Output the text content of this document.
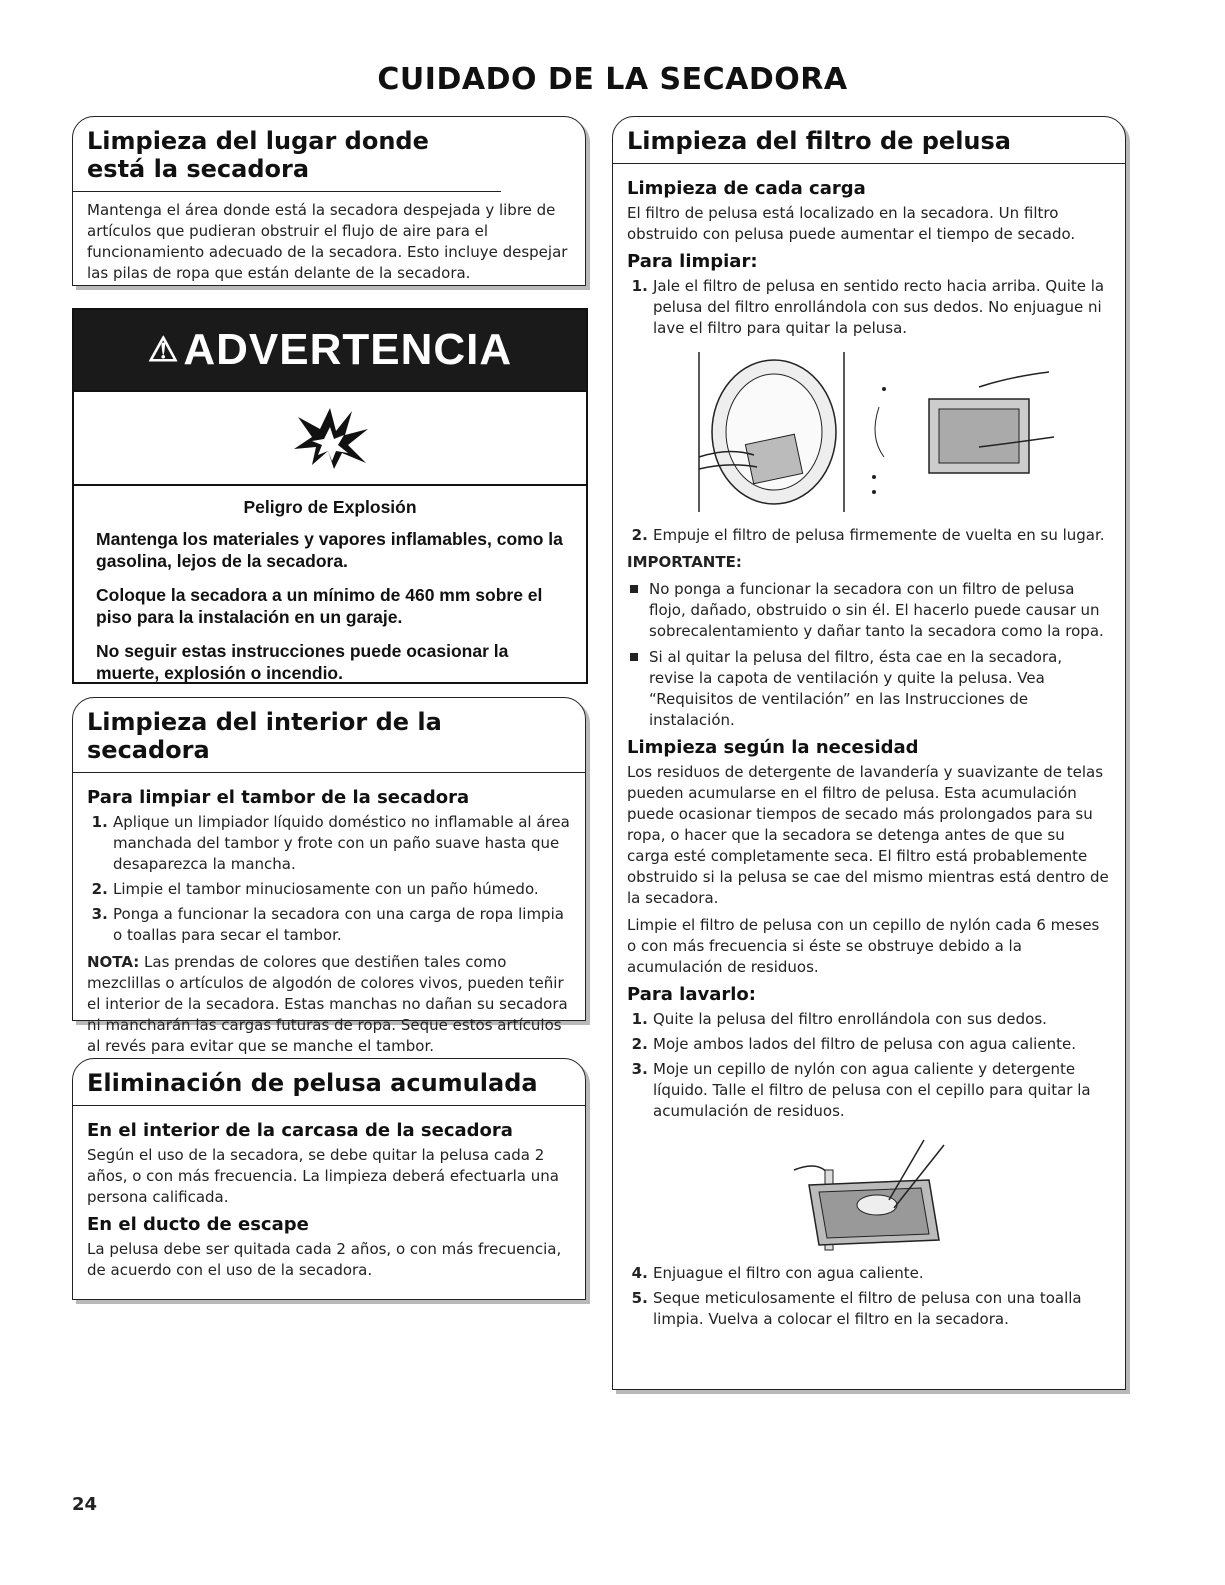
CUIDADO DE LA SECADORA
Limpieza del lugar donde está la secadora

Mantenga el área donde está la secadora despejada y libre de artículos que pudieran obstruir el flujo de aire para el funcionamiento adecuado de la secadora. Esto incluye despejar las pilas de ropa que están delante de la secadora.

⚠ ADVERTENCIA
Peligro de Explosión

Mantenga los materiales y vapores inflamables, como la gasolina, lejos de la secadora.

Coloque la secadora a un mínimo de 460 mm sobre el piso para la instalación en un garaje.

No seguir estas instrucciones puede ocasionar la muerte, explosión o incendio.

Limpieza del interior de la secadora
Para limpiar el tambor de la secadora
1. Aplique un limpiador líquido doméstico no inflamable al área manchada del tambor y frote con un paño suave hasta que desaparezca la mancha.
2. Limpie el tambor minuciosamente con un paño húmedo.
3. Ponga a funcionar la secadora con una carga de ropa limpia o toallas para secar el tambor.

NOTA: Las prendas de colores que destiñen tales como mezclillas o artículos de algodón de colores vivos, pueden teñir el interior de la secadora. Estas manchas no dañan su secadora ni mancharán las cargas futuras de ropa. Seque estos artículos al revés para evitar que se manche el tambor.

Eliminación de pelusa acumulada
En el interior de la carcasa de la secadora

Según el uso de la secadora, se debe quitar la pelusa cada 2 años, o con más frecuencia. La limpieza deberá efectuarla una persona calificada.

En el ducto de escape

La pelusa debe ser quitada cada 2 años, o con más frecuencia, de acuerdo con el uso de la secadora.

Limpieza del filtro de pelusa
Limpieza de cada carga

El filtro de pelusa está localizado en la secadora. Un filtro obstruido con pelusa puede aumentar el tiempo de secado.

Para limpiar:
1. Jale el filtro de pelusa en sentido recto hacia arriba. Quite la pelusa del filtro enrollándola con sus dedos. No enjuague ni lave el filtro para quitar la pelusa.
2. Empuje el filtro de pelusa firmemente de vuelta en su lugar.

IMPORTANTE:

No ponga a funcionar la secadora con un filtro de pelusa flojo, dañado, obstruido o sin él. El hacerlo puede causar un sobrecalentamiento y dañar tanto la secadora como la ropa.
Si al quitar la pelusa del filtro, ésta cae en la secadora, revise la capota de ventilación y quite la pelusa. Vea “Requisitos de ventilación” en las Instrucciones de instalación.
Limpieza según la necesidad

Los residuos de detergente de lavandería y suavizante de telas pueden acumularse en el filtro de pelusa. Esta acumulación puede ocasionar tiempos de secado más prolongados para su ropa, o hacer que la secadora se detenga antes de que su carga esté completamente seca. El filtro está probablemente obstruido si la pelusa se cae del mismo mientras está dentro de la secadora.

Limpie el filtro de pelusa con un cepillo de nylón cada 6 meses o con más frecuencia si éste se obstruye debido a la acumulación de residuos.

Para lavarlo:
1. Quite la pelusa del filtro enrollándola con sus dedos.
2. Moje ambos lados del filtro de pelusa con agua caliente.
3. Moje un cepillo de nylón con agua caliente y detergente líquido. Talle el filtro de pelusa con el cepillo para quitar la acumulación de residuos.
4. Enjuague el filtro con agua caliente.
5. Seque meticulosamente el filtro de pelusa con una toalla limpia. Vuelva a colocar el filtro en la secadora.
24
